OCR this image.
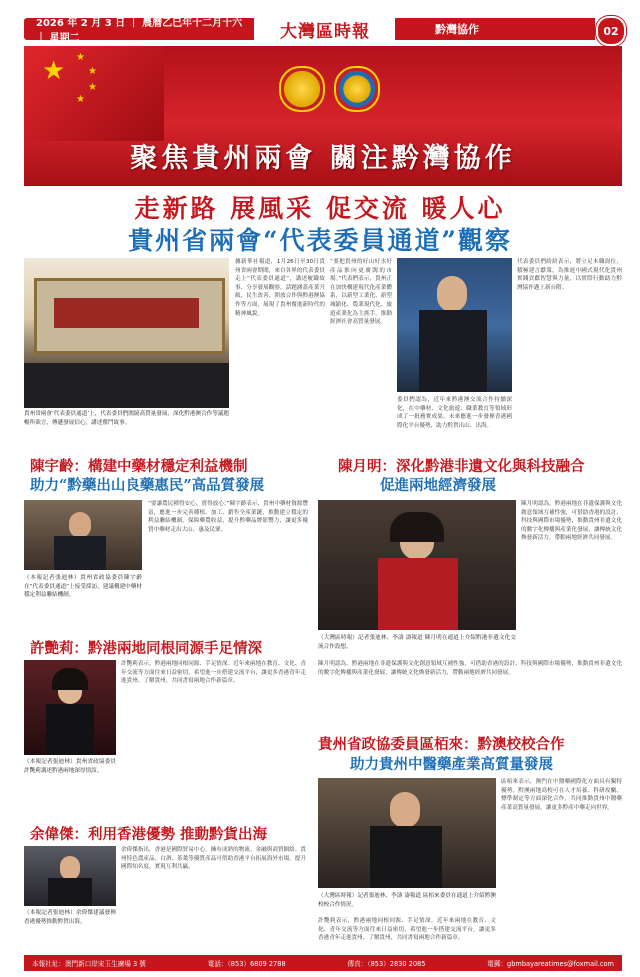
2026 年 2 月 3 日 ｜ 農曆乙巳年十二月十六 ｜ 星期二	大灣區時報	黔灣協作	02
★ ★
★
★
★
聚焦貴州兩會 關注黔灣協作
走新路 展風采 促交流 暖人心
貴州省兩會“代表委員通道”觀察
貴州省兩會‘代表委員通道’上，代表委員們圍繞高質量發展、深化黔港澳合作等議題暢所欲言，傳遞發展信心，講述奮鬥故事。
據新華社報道，1月26日至30日貴州省兩會期間，來自各界的代表委員走上“代表委員通道”，講述履職故事、分享發展觀察，話題涵蓋產業升級、民生改善、開放合作與黔港澳協作等方面，展現了貴州奮進新時代的精神風貌。
“要把貴州的好山好水好產品推向更廣闊的市場。”代表們表示，貴州正在加快構建現代化產業體系，以新型工業化、新型城鎮化、農業現代化、旅遊產業化為主抓手，推動經濟社會高質量發展。
委員們認為，近年來黔港澳交流合作持續深化，在中藥材、文化旅遊、職業教育等領域形成了一批務實成果。未來應進一步發揮香港國際化平台優勢，助力黔貨出山、出海。
代表委員們紛紛表示，將立足本職崗位，積極建言獻策，為推進中國式現代化貴州實踐貢獻智慧與力量，以實際行動助力黔灣協作邁上新台階。
陳宇齡：構建中藥材穩定利益機制
助力“黔藥出山良藥惠民”高品質發展
（本報記者張迪林）貴州省政協委員陳宇齡在“代表委員通道”上接受採訪，建議構建中藥材穩定利益聯結機制。
“要讓農民種得安心、賣得放心。”陳宇齡表示，貴州中藥材資源豐富，應進一步完善種植、加工、銷售全產業鏈，推動建立穩定的利益聯結機制，保障藥農收益，提升黔藥品牌影響力，讓更多優質中藥材走出大山、惠及民眾。
陳月明：深化黔港非遺文化與科技融合
促進兩地經濟發展
陳月明認為，黔港兩地在非遺保護與文化創意領域互補性強，可借助香港的設計、科技與國際市場優勢，推動貴州非遺文化的數字化傳播與產業化發展，讓傳統文化煥發新活力，帶動兩地經濟共同發展。
（大灣區時報）記者張迪林、李濤 濤報道 陳月明在通道上介紹黔港非遺文化交流合作設想。
許艷莉：黔港兩地同根同源手足情深
（本報記者張迪林）貴州省政協委員許艷莉講述黔港兩地深厚情誼。
許艷莉表示，黔港兩地同根同源、手足情深。近年來兩地在教育、文化、青年交流等方面往來日益密切，希望進一步搭建交流平台，讓更多香港青年走進貴州、了解貴州，共同書寫兩地合作新篇章。
余偉傑：利用香港優勢 推動黔貨出海
（本報記者張迪林）余偉傑建議發揮香港優勢推動黔貨出海。
余偉傑指出，香港是國際貿易中心，擁有成熟的物流、金融與商貿網絡。貴州特色農產品、白酒、茶葉等優質產品可借助香港平台拓展海外市場，提升國際知名度，實現互利共贏。
陳月明認為，黔港兩地在非遺保護與文化創意領域互補性強，可借助香港的設計、科技與國際市場優勢，推動貴州非遺文化的數字化傳播與產業化發展，讓傳統文化煥發新活力，帶動兩地經濟共同發展。
貴州省政協委員區栢來：黔澳校校合作
助力貴州中醫藥產業高質量發展
（大灣區時報）記者張迪林、李濤 濤報道 區栢來委員在通道上介紹黔澳校校合作情況。
區栢來表示，澳門在中醫藥國際化方面具有獨特優勢，黔澳兩地高校可在人才培養、科研攻關、標準制定等方面深化合作，共同推動貴州中醫藥產業高質量發展，讓更多黔產中藥走向世界。
許艷莉表示，黔港兩地同根同源、手足情深。近年來兩地在教育、文化、青年交流等方面往來日益密切，希望進一步搭建交流平台，讓更多香港青年走進貴州、了解貴州，共同書寫兩地合作新篇章。
本報社址：澳門新口岸宋玉生廣場 3 號	電話：（853）6809 2788	傳真：（853）2830 2085	電郵：gbmbayareatimes@foxmail.com
